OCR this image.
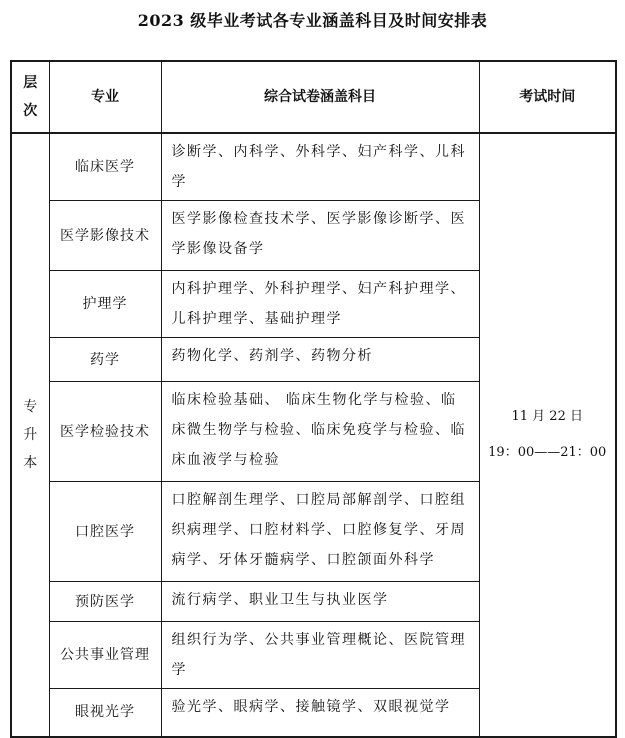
2023 级毕业考试各专业涵盖科目及时间安排表
层
次	专业	综合试卷涵盖科目	考试时间

专
升
本	临床医学	诊断学、内科学、外科学、妇产科学、儿科学	11 月 22 日
19：00——21：00

	医学影像技术	医学影像检查技术学、医学影像诊断学、医学影像设备学	
	护理学	内科护理学、外科护理学、妇产科护理学、儿科护理学、基础护理学	
	药学	药物化学、药剂学、药物分析	
	医学检验技术	临床检验基础、 临床生物化学与检验、临床微生物学与检验、临床免疫学与检验、临床血液学与检验	
	口腔医学	口腔解剖生理学、口腔局部解剖学、口腔组织病理学、口腔材料学、口腔修复学、牙周病学、牙体牙髓病学、口腔颌面外科学	
	预防医学	流行病学、职业卫生与执业医学	
	公共事业管理	组织行为学、公共事业管理概论、医院管理学	
	眼视光学	验光学、眼病学、接触镜学、双眼视觉学	
